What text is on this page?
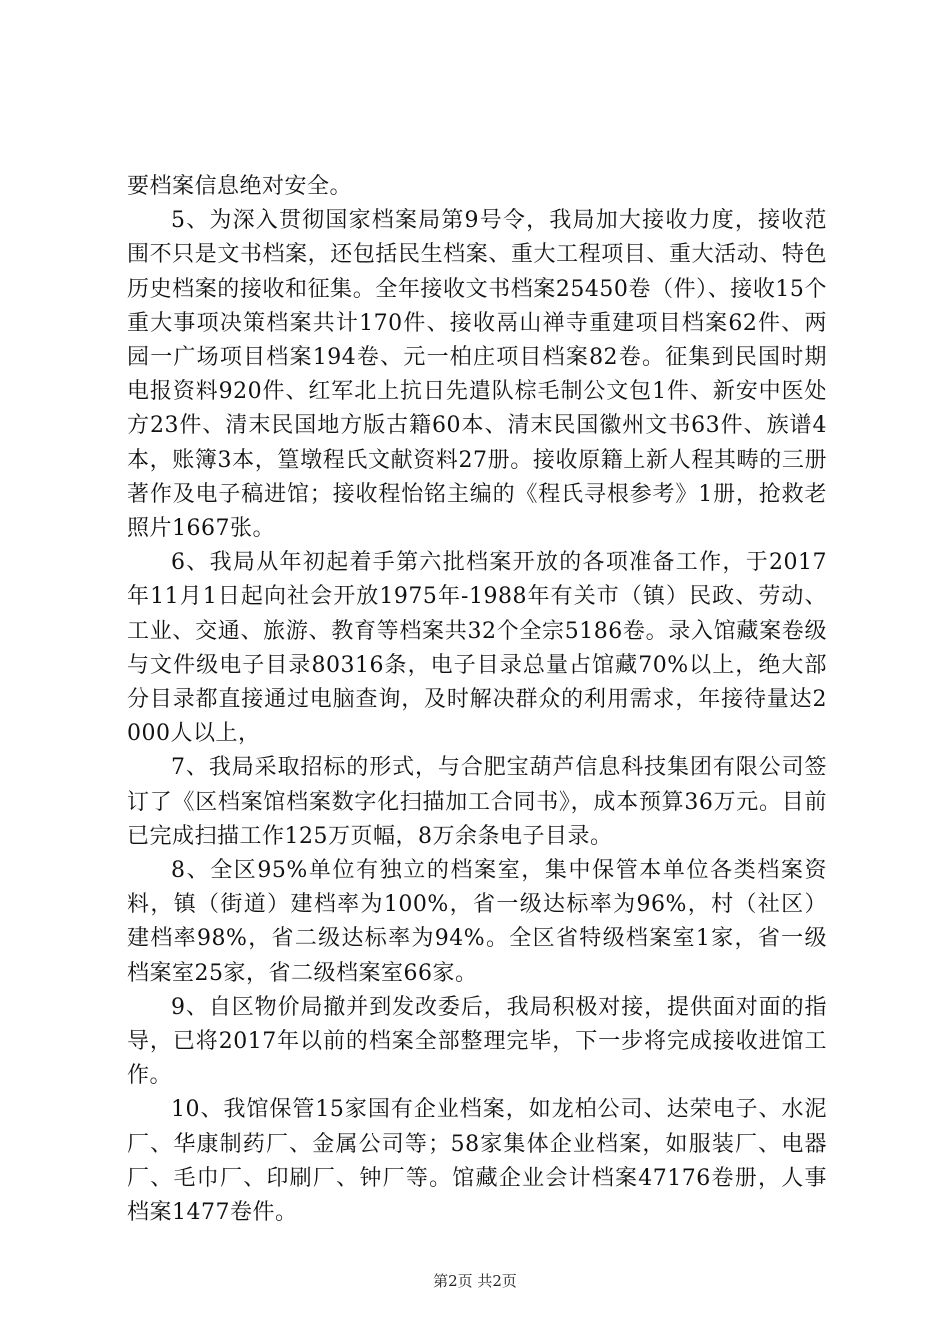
要档案信息绝对安全。

5、为深入贯彻国家档案局第9号令，我局加大接收力度，接收范围不只是文书档案，还包括民生档案、重大工程项目、重大活动、特色历史档案的接收和征集。全年接收文书档案25450卷（件）、接收15个重大事项决策档案共计170件、接收鬲山禅寺重建项目档案62件、两园一广场项目档案194卷、元一柏庄项目档案82卷。征集到民国时期电报资料920件、红军北上抗日先遣队棕毛制公文包1件、新安中医处方23件、清末民国地方版古籍60本、清末民国徽州文书63件、族谱4本，账簿3本，篁墩程氏文献资料27册。接收原籍上新人程其畴的三册著作及电子稿进馆；接收程怡铭主编的《程氏寻根参考》1册，抢救老照片1667张。

6、我局从年初起着手第六批档案开放的各项准备工作，于2017年11月1日起向社会开放1975年-1988年有关市（镇）民政、劳动、工业、交通、旅游、教育等档案共32个全宗5186卷。录入馆藏案卷级与文件级电子目录80316条，电子目录总量占馆藏70%以上，绝大部分目录都直接通过电脑查询，及时解决群众的利用需求，年接待量达2000人以上，

7、我局采取招标的形式，与合肥宝葫芦信息科技集团有限公司签订了《区档案馆档案数字化扫描加工合同书》，成本预算36万元。目前已完成扫描工作125万页幅，8万余条电子目录。

8、全区95%单位有独立的档案室，集中保管本单位各类档案资料，镇（街道）建档率为100%，省一级达标率为96%，村（社区）建档率98%，省二级达标率为94%。全区省特级档案室1家，省一级档案室25家，省二级档案室66家。

9、自区物价局撤并到发改委后，我局积极对接，提供面对面的指导，已将2017年以前的档案全部整理完毕，下一步将完成接收进馆工作。

10、我馆保管15家国有企业档案，如龙柏公司、达荣电子、水泥厂、华康制药厂、金属公司等；58家集体企业档案，如服装厂、电器厂、毛巾厂、印刷厂、钟厂等。馆藏企业会计档案47176卷册，人事档案1477卷件。

第2页 共2页
